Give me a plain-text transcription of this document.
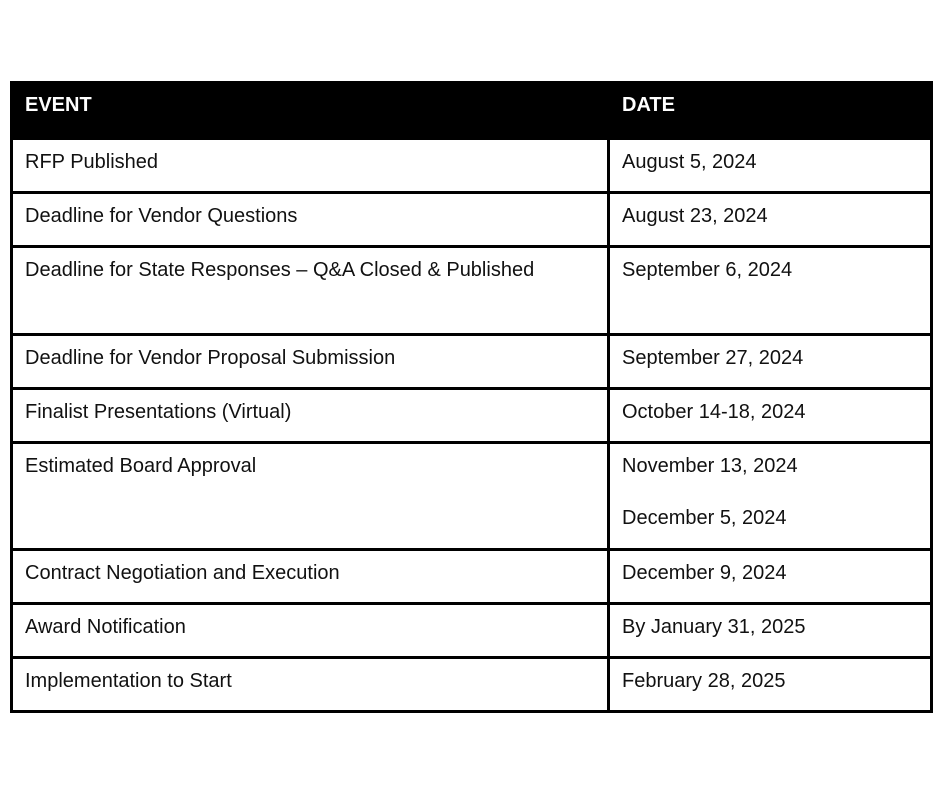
EVENT	DATE
RFP Published	August 5, 2024

Deadline for Vendor Questions	August 23, 2024

Deadline for State Responses – Q&A Closed & Published	September 6, 2024

Deadline for Vendor Proposal Submission	September 27, 2024

Finalist Presentations (Virtual)	October 14-18, 2024

Estimated Board Approval	November 13, 2024
December 5, 2024

Contract Negotiation and Execution	December 9, 2024

Award Notification	By January 31, 2025

Implementation to Start	February 28, 2025
